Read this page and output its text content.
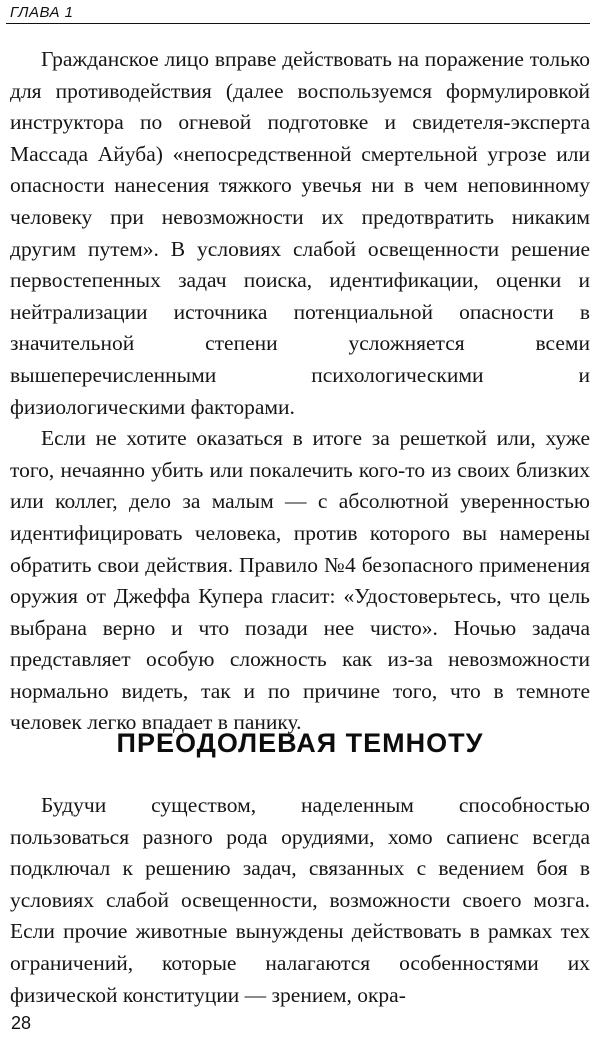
ГЛАВА 1

Гражданское лицо вправе действовать на поражение только для противодействия (далее воспользуемся формулировкой инструктора по огневой подготовке и свидетеля-эксперта Массада Айуба) «непосредственной смертельной угрозе или опасности нанесения тяжкого увечья ни в чем неповинному человеку при невозможности их предотвратить никаким другим путем». В условиях слабой освещенности решение первостепенных задач поиска, идентификации, оценки и нейтрализации источника потенциальной опасности в значительной степени усложняется всеми вышеперечисленными психологическими и физиологическими факторами.

Если не хотите оказаться в итоге за решеткой или, хуже того, нечаянно убить или покалечить кого-то из своих близких или коллег, дело за малым — с абсолютной уверенностью идентифицировать человека, против которого вы намерены обратить свои действия. Правило №4 безопасного применения оружия от Джеффа Купера гласит: «Удостоверьтесь, что цель выбрана верно и что позади нее чисто». Ночью задача представляет особую сложность как из-за невозможности нормально видеть, так и по причине того, что в темноте человек легко впадает в панику.

ПРЕОДОЛЕВАЯ ТЕМНОТУ

Будучи существом, наделенным способностью пользоваться разного рода орудиями, хомо сапиенс всегда подключал к решению задач, связанных с ведением боя в условиях слабой освещенности, возможности своего мозга. Если прочие животные вынуждены действовать в рамках тех ограничений, которые налагаются особенностями их физической конституции — зрением, окра-

28
